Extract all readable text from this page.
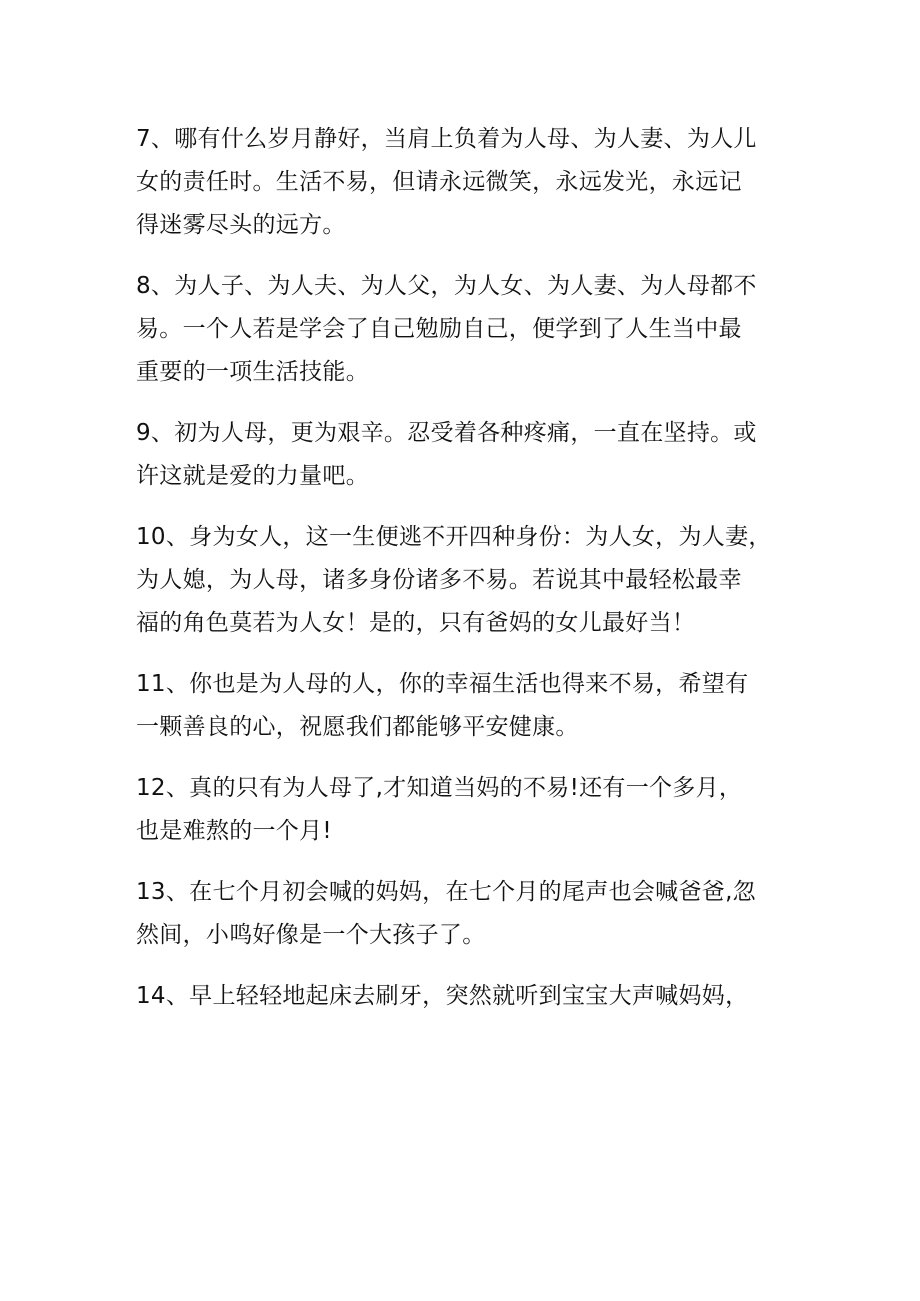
7、哪有什么岁月静好，当肩上负着为人母、为人妻、为人儿
女的责任时。生活不易，但请永远微笑，永远发光，永远记
得迷雾尽头的远方。

8、为人子、为人夫、为人父，为人女、为人妻、为人母都不
易。一个人若是学会了自己勉励自己，便学到了人生当中最
重要的一项生活技能。

9、初为人母，更为艰辛。忍受着各种疼痛，一直在坚持。或
许这就是爱的力量吧。

10、身为女人，这一生便逃不开四种身份：为人女，为人妻，
为人媳，为人母，诸多身份诸多不易。若说其中最轻松最幸
福的角色莫若为人女！是的，只有爸妈的女儿最好当！

11、你也是为人母的人，你的幸福生活也得来不易，希望有
一颗善良的心，祝愿我们都能够平安健康。

12、真的只有为人母了,才知道当妈的不易!还有一个多月，
也是难熬的一个月!

13、在七个月初会喊的妈妈，在七个月的尾声也会喊爸爸,忽
然间，小鸣好像是一个大孩子了。

14、早上轻轻地起床去刷牙，突然就听到宝宝大声喊妈妈，
